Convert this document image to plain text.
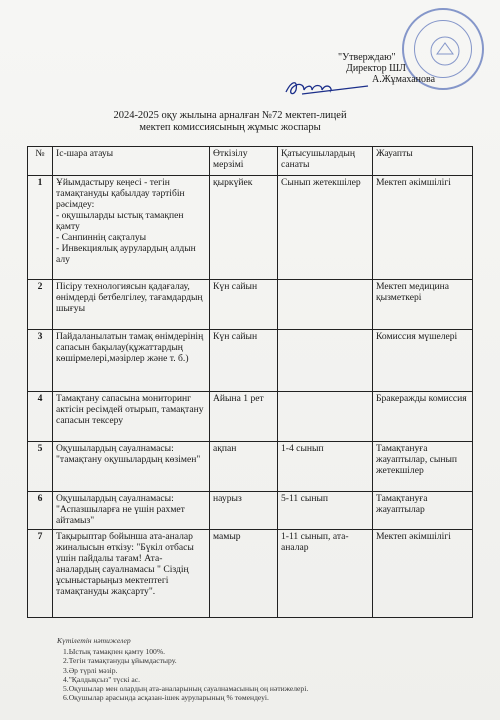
"Утверждаю"
Директор ШЛ
А.Жұмаханова
2024-2025 оқу жылына арналған №72 мектеп-лицей
мектеп комиссиясының жұмыс жоспары
№	Іс-шара атауы	Өткізілу мерзімі	Қатысушылардың санаты	Жауапты
1	Ұйымдастыру кеңесі - тегін тамақтануды қабылдау тәртібін рәсімдеу:
- оқушыларды ыстық тамақпен қамту
- Санпиннің сақталуы
- Инвекциялық аурулардың алдын алу	қыркүйек	Сынып жетекшілер	Мектеп әкімшілігі
2	Пісіру технологиясын қадағалау, өнімдерді бетбелгілеу, тағамдардың шығуы	Күн сайын		Мектеп медицина қызметкері
3	Пайдаланылатын тамақ өнімдерінің сапасын бақылау(құжаттардың көшірмелері,мәзірлер және т. б.)	Күн сайын		Комиссия мүшелері
4	Тамақтану сапасына мониторинг актісін ресімдей отырып, тамақтану сапасын тексеру	Айына 1 рет		Бракеражды комиссия
5	Оқушылардың сауалнамасы: "тамақтану оқушылардың көзімен"	ақпан	1-4 сынып	Тамақтануға жауаптылар, сынып жетекшілер
6	Оқушылардың сауалнамасы: "Аспазшыларға не үшін рахмет айтамыз"	наурыз	5-11 сынып	Тамақтануға жауаптылар
7	Тақырыптар бойынша ата-аналар жиналысын өткізу: "Бүкіл отбасы үшін пайдалы тағам! Ата-аналардың сауалнамасы " Сіздің ұсыныстарыңыз мектептегі тамақтануды жақсарту".	мамыр	1-11 сынып, ата-аналар	Мектеп әкімшілігі
Күтілетін нәтижелер
1.Ыстық тамақпен қамту 100%.
2.Тегін тамақтануды ұйымдастыру.
3.Әр түрлі мәзір.
4."Қалдықсыз" түскі ас.
5.Оқушылар мен олардың ата-аналарының сауалнамасының оң нәтижелері.
6.Оқушылар арасында асқазан-ішек ауруларының % төмендеуі.
